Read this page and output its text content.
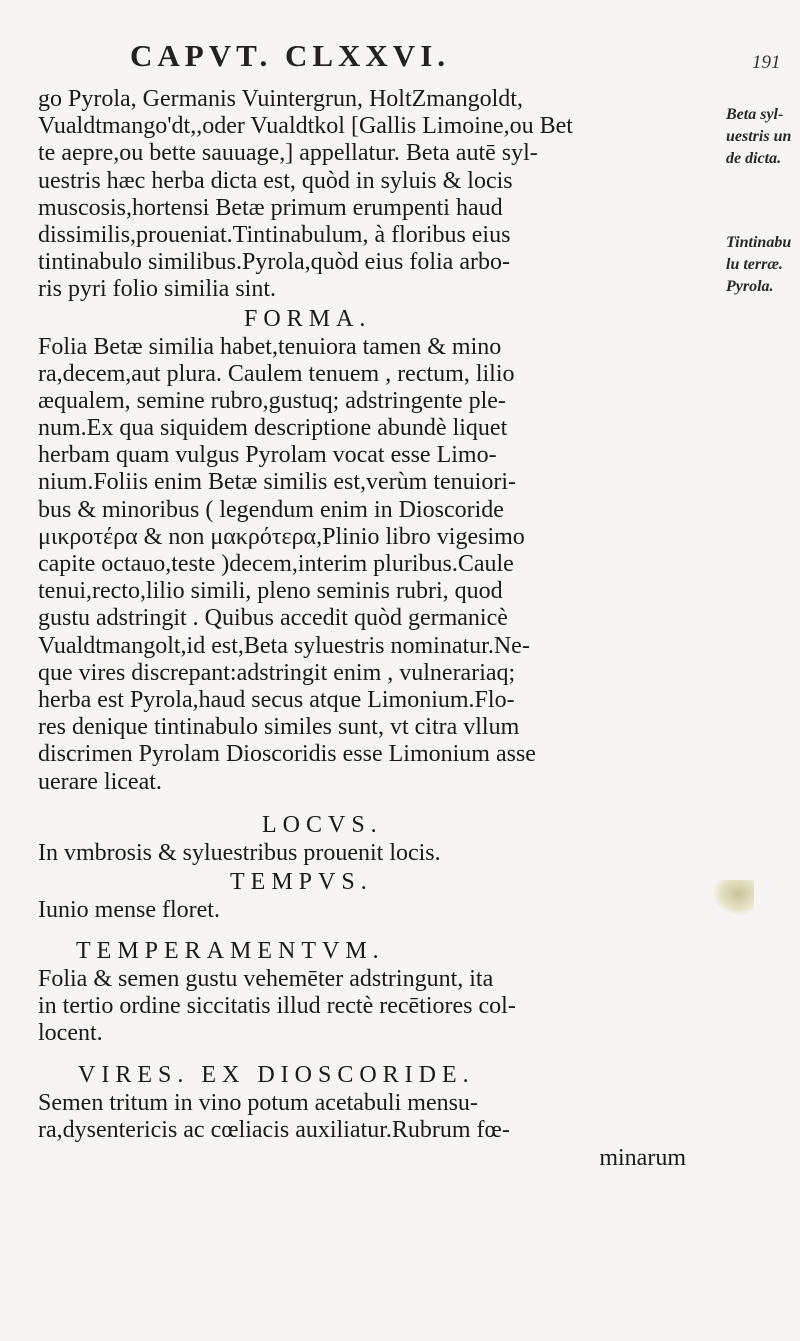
CAPVT. CLXXVI.	191
go Pyrola, Germanis Vuintergrun, HoltZmangoldt,
Vualdtmango'dt,,oder Vualdtkol [Gallis Limoine,ou Bet
te aepre,ou bette sauuage,] appellatur. Beta autē syl-
uestris hæc herba dicta est, quòd in syluis & locis
muscosis,hortensi Betæ primum erumpenti haud
dissimilis,proueniat.Tintinabulum, à floribus eius
tintinabulo similibus.Pyrola,quòd eius folia arbo-
ris pyri folio similia sint.
FORMA.
Folia Betæ similia habet,tenuiora tamen & mino
ra,decem,aut plura. Caulem tenuem , rectum, lilio
æqualem, semine rubro,gustuq; adstringente ple-
num.Ex qua siquidem descriptione abundè liquet
herbam quam vulgus Pyrolam vocat esse Limo-
nium.Foliis enim Betæ similis est,verùm tenuiori-
bus & minoribus ( legendum enim in Dioscoride
μικροτέρα & non μακρότερα,Plinio libro vigesimo
capite octauo,teste )decem,interim pluribus.Caule
tenui,recto,lilio simili, pleno seminis rubri, quod
gustu adstringit . Quibus accedit quòd germanicè
Vualdtmangolt,id est,Beta syluestris nominatur.Ne-
que vires discrepant:adstringit enim , vulnerariaq;
herba est Pyrola,haud secus atque Limonium.Flo-
res denique tintinabulo similes sunt, vt citra vllum
discrimen Pyrolam Dioscoridis esse Limonium asse
uerare liceat.
LOCVS.
In vmbrosis & syluestribus prouenit locis.
TEMPVS.
Iunio mense floret.
TEMPERAMENTVM.
Folia & semen gustu vehemēter adstringunt, ita
in tertio ordine siccitatis illud rectè recētiores col-
locent.
VIRES. EX DIOSCORIDE.
Semen tritum in vino potum acetabuli mensu-
ra,dysentericis ac cœliacis auxiliatur.Rubrum fœ-
minarum
Beta syl-
uestris un
de dicta.
Tintinabu
lu terræ.
Pyrola.
